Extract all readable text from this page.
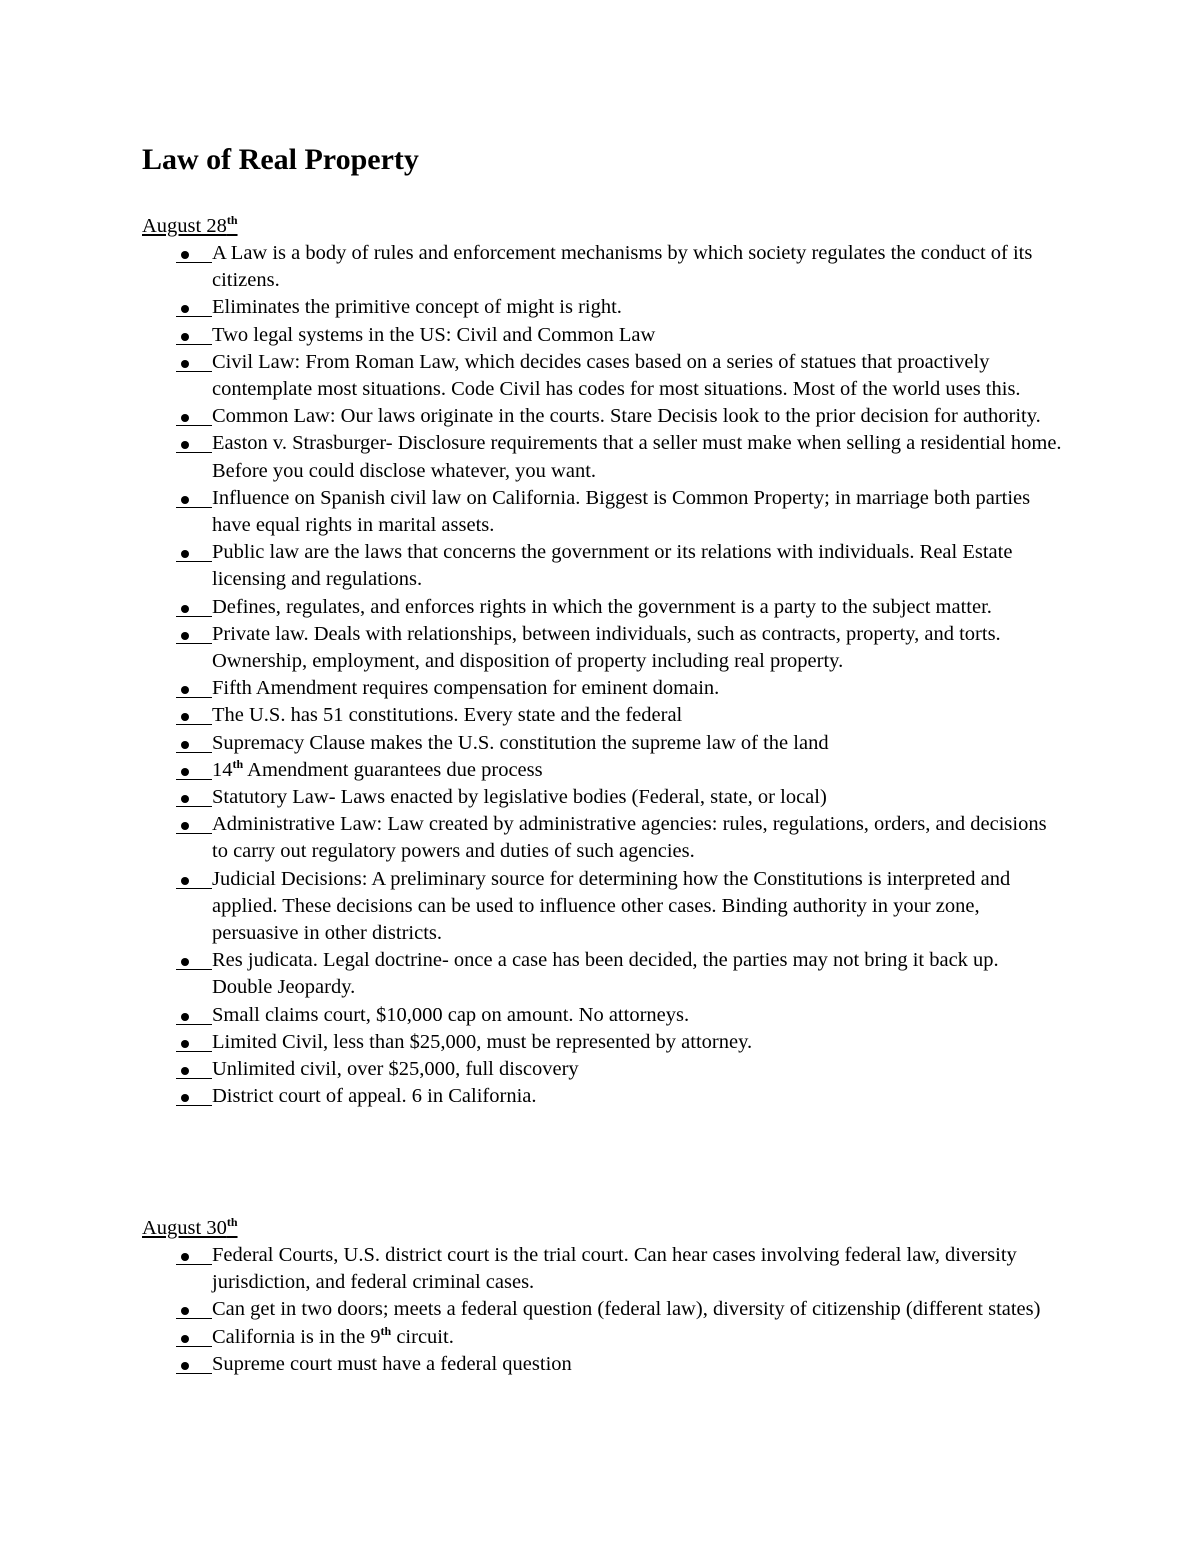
Law of Real Property
August 28th
A Law is a body of rules and enforcement mechanisms by which society regulates the conduct of its citizens.
Eliminates the primitive concept of might is right.
Two legal systems in the US: Civil and Common Law
Civil Law: From Roman Law, which decides cases based on a series of statues that proactively contemplate most situations. Code Civil has codes for most situations. Most of the world uses this.
Common Law: Our laws originate in the courts. Stare Decisis look to the prior decision for authority.
Easton v. Strasburger- Disclosure requirements that a seller must make when selling a residential home. Before you could disclose whatever, you want.
Influence on Spanish civil law on California. Biggest is Common Property; in marriage both parties have equal rights in marital assets.
Public law are the laws that concerns the government or its relations with individuals. Real Estate licensing and regulations.
Defines, regulates, and enforces rights in which the government is a party to the subject matter.
Private law. Deals with relationships, between individuals, such as contracts, property, and torts. Ownership, employment, and disposition of property including real property.
Fifth Amendment requires compensation for eminent domain.
The U.S. has 51 constitutions. Every state and the federal
Supremacy Clause makes the U.S. constitution the supreme law of the land
14th Amendment guarantees due process
Statutory Law- Laws enacted by legislative bodies (Federal, state, or local)
Administrative Law: Law created by administrative agencies: rules, regulations, orders, and decisions to carry out regulatory powers and duties of such agencies.
Judicial Decisions: A preliminary source for determining how the Constitutions is interpreted and applied. These decisions can be used to influence other cases. Binding authority in your zone, persuasive in other districts.
Res judicata. Legal doctrine- once a case has been decided, the parties may not bring it back up. Double Jeopardy.
Small claims court, $10,000 cap on amount. No attorneys.
Limited Civil, less than $25,000, must be represented by attorney.
Unlimited civil, over $25,000, full discovery
District court of appeal. 6 in California.
August 30th
Federal Courts, U.S. district court is the trial court. Can hear cases involving federal law, diversity jurisdiction, and federal criminal cases.
Can get in two doors; meets a federal question (federal law), diversity of citizenship (different states)
California is in the 9th circuit.
Supreme court must have a federal question
